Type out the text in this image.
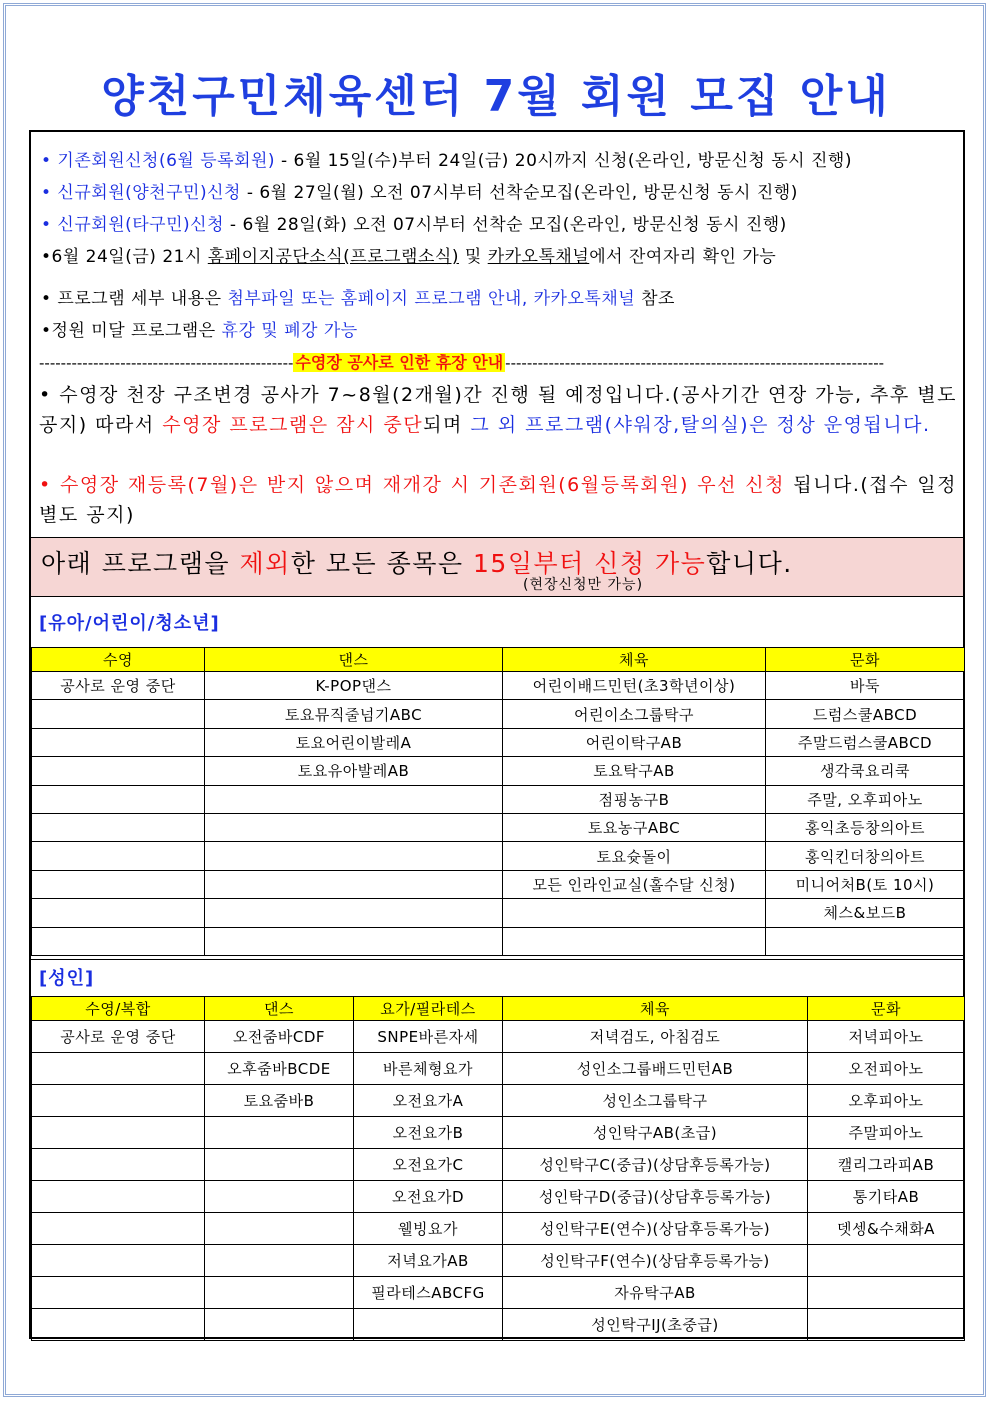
양천구민체육센터 7월 회원 모집 안내
• 기존회원신청(6월 등록회원) - 6월 15일(수)부터 24일(금) 20시까지 신청(온라인, 방문신청 동시 진행)
• 신규회원(양천구민)신청 - 6월 27일(월) 오전 07시부터 선착순모집(온라인, 방문신청 동시 진행)
• 신규회원(타구민)신청 - 6월 28일(화) 오전 07시부터 선착순 모집(온라인, 방문신청 동시 진행)
•6월 24일(금) 21시 홈페이지공단소식(프로그램소식) 및 카카오톡채널에서 잔여자리 확인 가능
• 프로그램 세부 내용은 첨부파일 또는 홈페이지 프로그램 안내, 카카오톡채널 참조
•정원 미달 프로그램은 휴강 및 폐강 가능
----------------------------------------------- 수영장 공사로 인한 휴장 안내 ----------------------------------------------------------------------
• 수영장 천장 구조변경 공사가 7~8월(2개월)간 진행 될 예정입니다.(공사기간 연장 가능, 추후 별도 공지) 따라서 수영장 프로그램은 잠시 중단되며 그 외 프로그램(샤워장,탈의실)은 정상 운영됩니다.
• 수영장 재등록(7월)은 받지 않으며 재개강 시 기존회원(6월등록회원) 우선 신청 됩니다.(접수 일정 별도 공지)
아래 프로그램을 제외한 모든 종목은 15일부터 신청 가능합니다.
(현장신청만 가능)
[유아/어린이/청소년]
수영	댄스	체육	문화
공사로 운영 중단	K-POP댄스	어린이배드민턴(초3학년이상)	바둑
	토요뮤직줄넘기ABC	어린이소그룹탁구	드럼스쿨ABCD
	토요어린이발레A	어린이탁구AB	주말드럼스쿨ABCD
	토요유아발레AB	토요탁구AB	생각쿡요리쿡
		점핑농구B	주말, 오후피아노
		토요농구ABC	홍익초등창의아트
		토요슛돌이	홍익킨더창의아트
		모든 인라인교실(홀수달 신청)	미니어처B(토 10시)
			체스&보드B

[성인]
수영/복합	댄스	요가/필라테스	체육	문화
공사로 운영 중단	오전줌바CDF	SNPE바른자세	저녁검도, 아침검도	저녁피아노
	오후줌바BCDE	바른체형요가	성인소그룹배드민턴AB	오전피아노
	토요줌바B	오전요가A	성인소그룹탁구	오후피아노
		오전요가B	성인탁구AB(초급)	주말피아노
		오전요가C	성인탁구C(중급)(상담후등록가능)	캘리그라피AB
		오전요가D	성인탁구D(중급)(상담후등록가능)	통기타AB
		웰빙요가	성인탁구E(연수)(상담후등록가능)	뎃셍&수채화A
		저녁요가AB	성인탁구F(연수)(상담후등록가능)	
		필라테스ABCFG	자유탁구AB	
			성인탁구IJ(초중급)	
